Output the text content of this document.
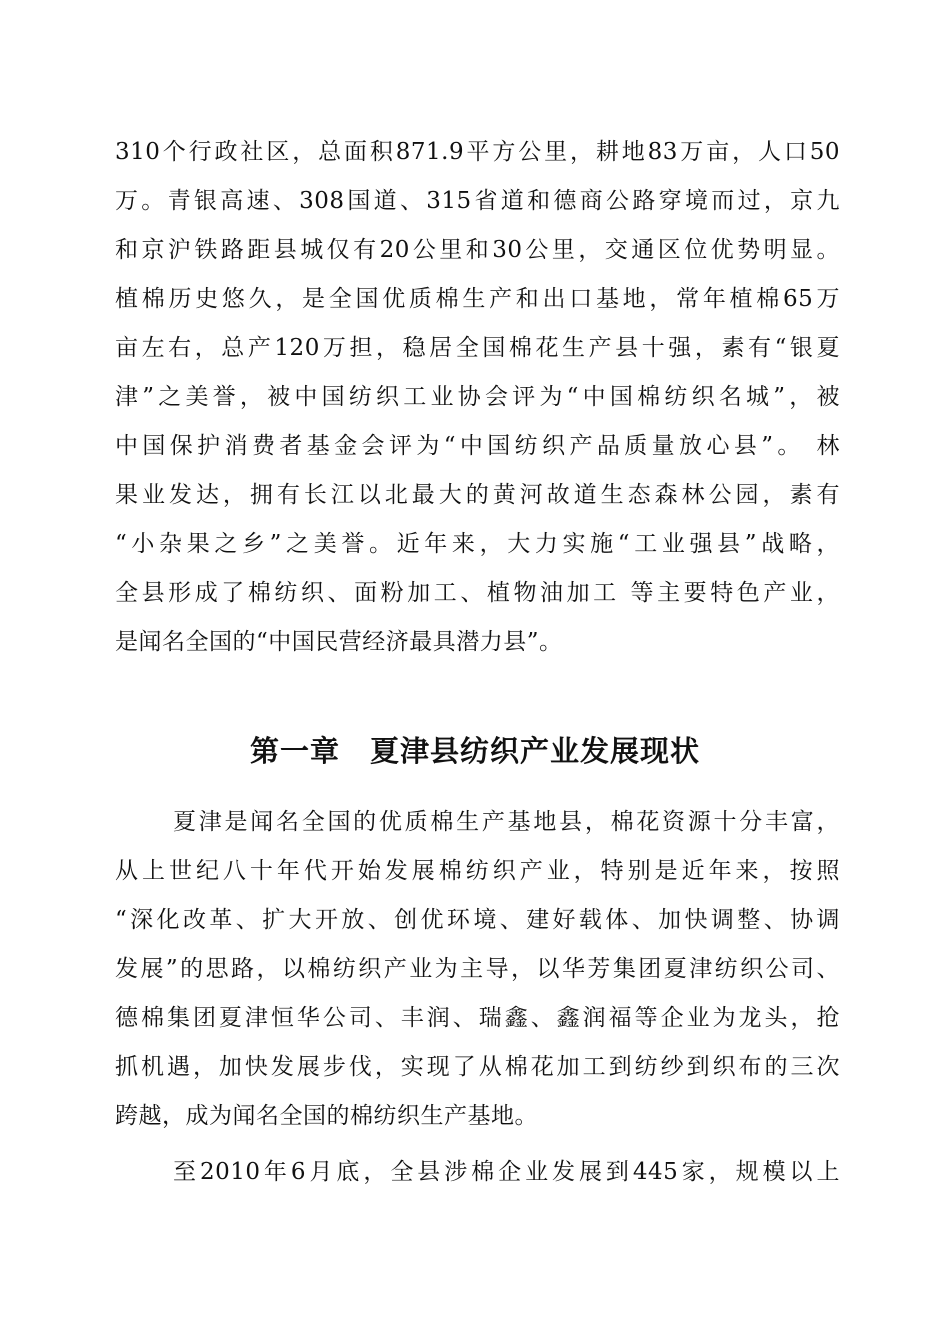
310个行政社区，总面积871.9平方公里，耕地83万亩，人口50
万。青银高速、308国道、315省道和德商公路穿境而过，京九
和京沪铁路距县城仅有20公里和30公里，交通区位优势明显。
植棉历史悠久，是全国优质棉生产和出口基地，常年植棉65万
亩左右，总产120万担，稳居全国棉花生产县十强，素有“银夏
津”之美誉，被中国纺织工业协会评为“中国棉纺织名城”，被
中国保护消费者基金会评为“中国纺织产品质量放心县”。 林
果业发达，拥有长江以北最大的黄河故道生态森林公园，素有
“小杂果之乡”之美誉。近年来，大力实施“工业强县”战略，
全县形成了棉纺织、面粉加工、植物油加工 等主要特色产业，
是闻名全国的“中国民营经济最具潜力县”。
第一章　夏津县纺织产业发展现状
夏津是闻名全国的优质棉生产基地县，棉花资源十分丰富，
从上世纪八十年代开始发展棉纺织产业，特别是近年来，按照
“深化改革、扩大开放、创优环境、建好载体、加快调整、协调
发展”的思路，以棉纺织产业为主导，以华芳集团夏津纺织公司、
德棉集团夏津恒华公司、丰润、瑞鑫、鑫润福等企业为龙头，抢
抓机遇，加快发展步伐，实现了从棉花加工到纺纱到织布的三次
跨越，成为闻名全国的棉纺织生产基地。
至2010年6月底，全县涉棉企业发展到445家，规模以上
